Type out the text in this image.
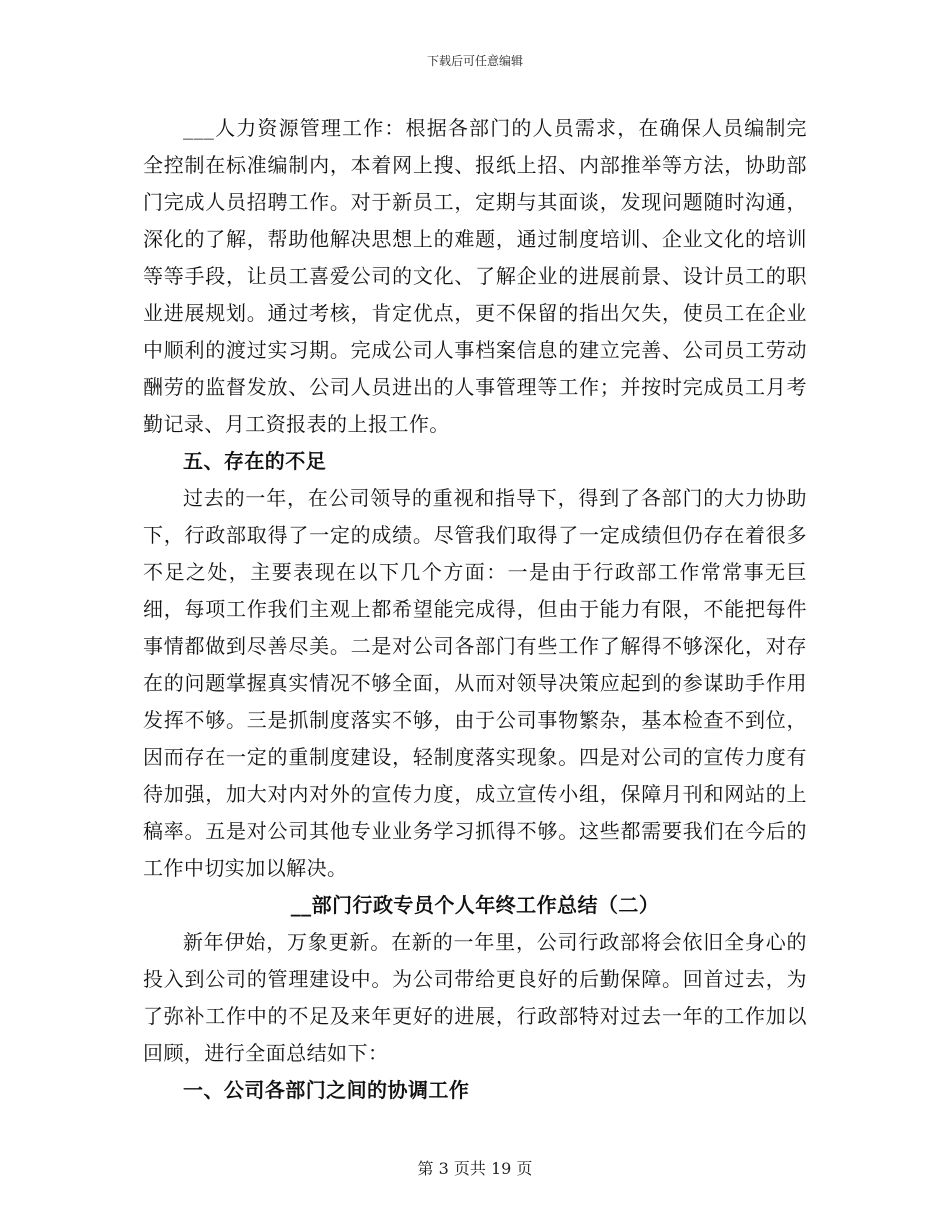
下载后可任意编辑

___人力资源管理工作：根据各部门的人员需求，在确保人员编制完全控制在标准编制内，本着网上搜、报纸上招、内部推举等方法，协助部门完成人员招聘工作。对于新员工，定期与其面谈，发现问题随时沟通，深化的了解，帮助他解决思想上的难题，通过制度培训、企业文化的培训等等手段，让员工喜爱公司的文化、了解企业的进展前景、设计员工的职业进展规划。通过考核，肯定优点，更不保留的指出欠失，使员工在企业中顺利的渡过实习期。完成公司人事档案信息的建立完善、公司员工劳动酬劳的监督发放、公司人员进出的人事管理等工作；并按时完成员工月考勤记录、月工资报表的上报工作。

五、存在的不足

过去的一年，在公司领导的重视和指导下，得到了各部门的大力协助下，行政部取得了一定的成绩。尽管我们取得了一定成绩但仍存在着很多不足之处，主要表现在以下几个方面：一是由于行政部工作常常事无巨细，每项工作我们主观上都希望能完成得，但由于能力有限，不能把每件事情都做到尽善尽美。二是对公司各部门有些工作了解得不够深化，对存在的问题掌握真实情况不够全面，从而对领导决策应起到的参谋助手作用发挥不够。三是抓制度落实不够，由于公司事物繁杂，基本检查不到位，因而存在一定的重制度建设，轻制度落实现象。四是对公司的宣传力度有待加强，加大对内对外的宣传力度，成立宣传小组，保障月刊和网站的上稿率。五是对公司其他专业业务学习抓得不够。这些都需要我们在今后的工作中切实加以解决。

__部门行政专员个人年终工作总结（二）

新年伊始，万象更新。在新的一年里，公司行政部将会依旧全身心的投入到公司的管理建设中。为公司带给更良好的后勤保障。回首过去，为了弥补工作中的不足及来年更好的进展，行政部特对过去一年的工作加以回顾，进行全面总结如下：

一、公司各部门之间的协调工作

第 3 页共 19 页
